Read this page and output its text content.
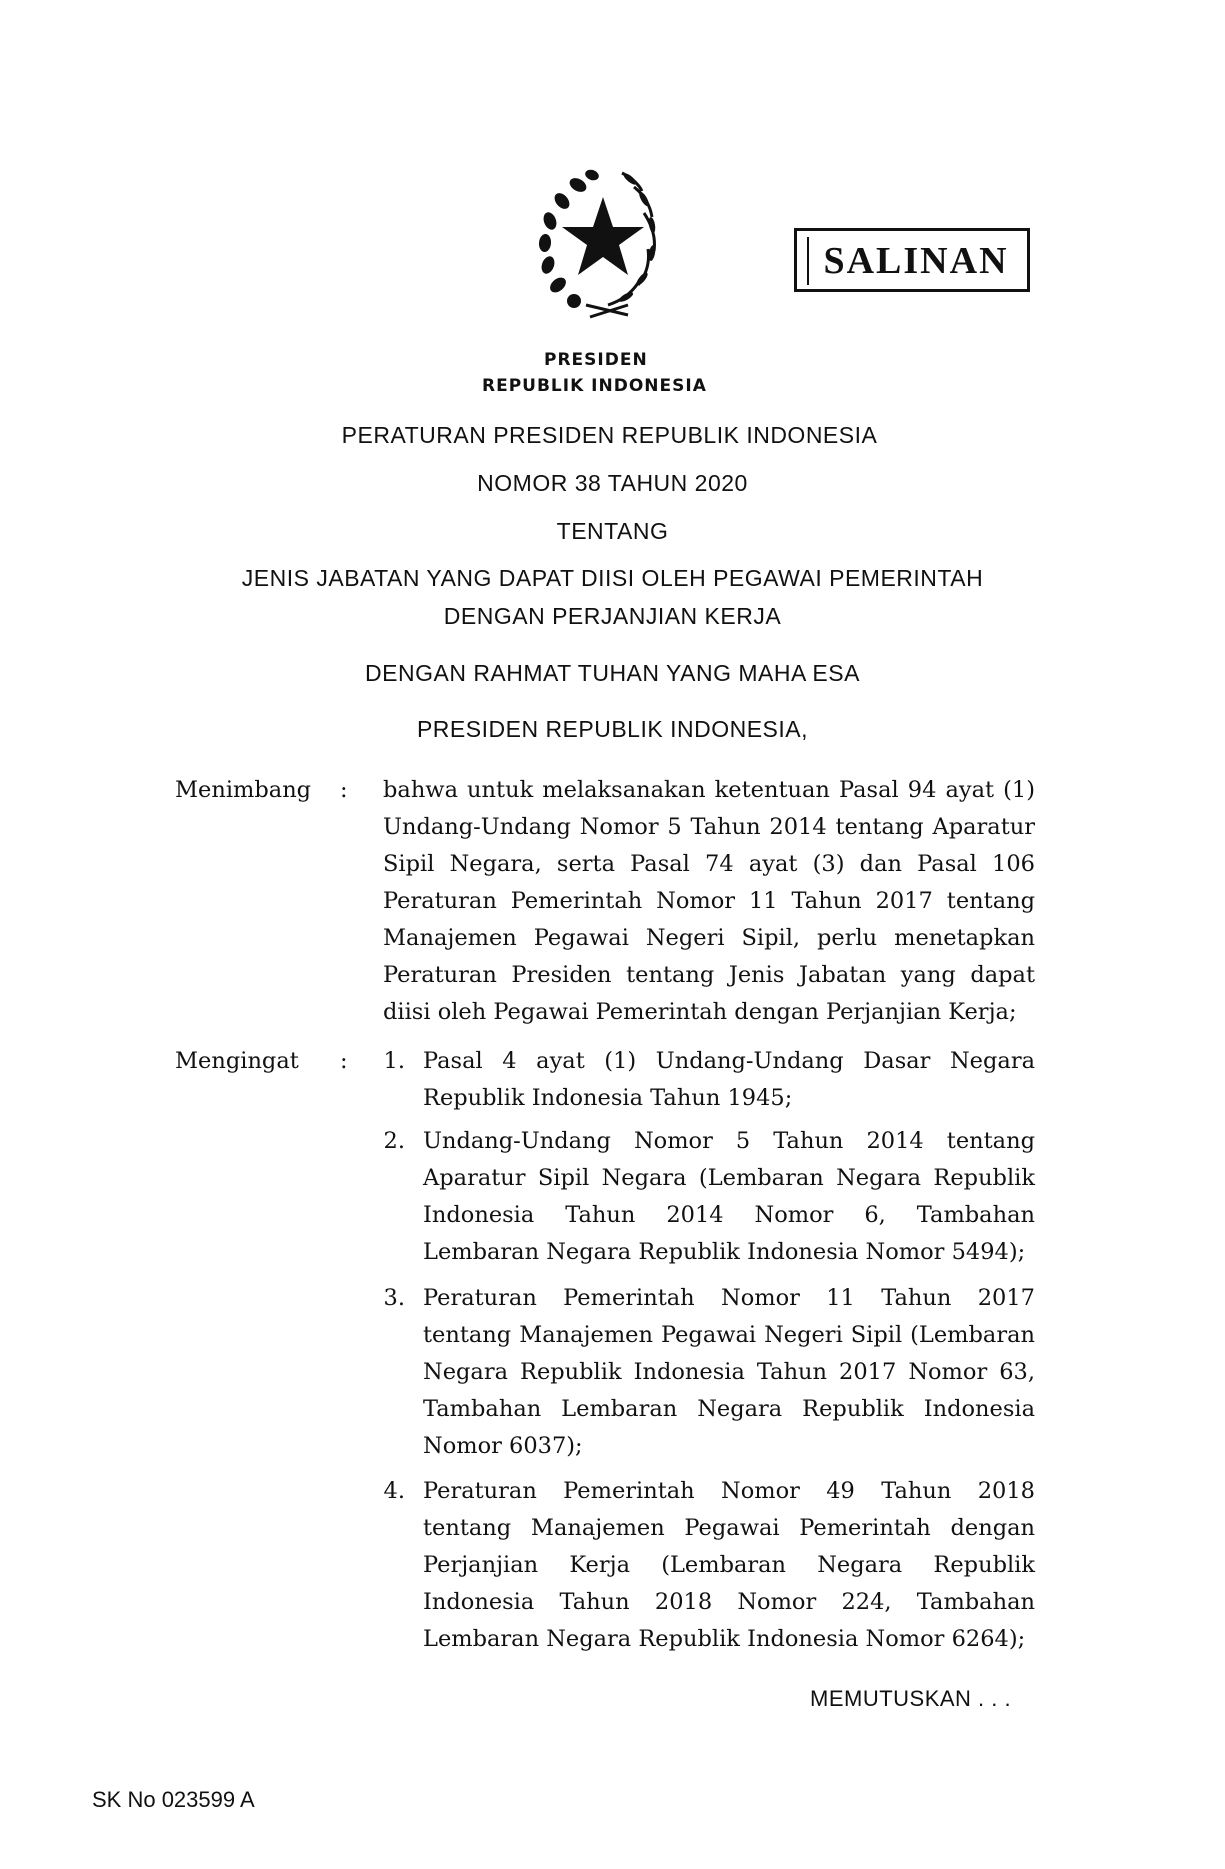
SALINAN
PRESIDEN
REPUBLIK INDONESIA
PERATURAN PRESIDEN REPUBLIK INDONESIA
NOMOR 38 TAHUN 2020
TENTANG
JENIS JABATAN YANG DAPAT DIISI OLEH PEGAWAI PEMERINTAH
DENGAN PERJANJIAN KERJA
DENGAN RAHMAT TUHAN YANG MAHA ESA
PRESIDEN REPUBLIK INDONESIA,
Menimbang : bahwa untuk melaksanakan ketentuan Pasal 94 ayat (1)
Undang-Undang Nomor 5 Tahun 2014 tentang Aparatur
Sipil Negara, serta Pasal 74 ayat (3) dan Pasal 106
Peraturan Pemerintah Nomor 11 Tahun 2017 tentang
Manajemen Pegawai Negeri Sipil, perlu menetapkan
Peraturan Presiden tentang Jenis Jabatan yang dapat
diisi oleh Pegawai Pemerintah dengan Perjanjian Kerja;
Mengingat :	1. Pasal 4 ayat (1) Undang-Undang Dasar Negara
Republik Indonesia Tahun 1945;
2. Undang-Undang Nomor 5 Tahun 2014 tentang
Aparatur Sipil Negara (Lembaran Negara Republik
Indonesia Tahun 2014 Nomor 6, Tambahan
Lembaran Negara Republik Indonesia Nomor 5494);
3. Peraturan Pemerintah Nomor 11 Tahun 2017
tentang Manajemen Pegawai Negeri Sipil (Lembaran
Negara Republik Indonesia Tahun 2017 Nomor 63,
Tambahan Lembaran Negara Republik Indonesia
Nomor 6037);
4. Peraturan Pemerintah Nomor 49 Tahun 2018
tentang Manajemen Pegawai Pemerintah dengan
Perjanjian Kerja (Lembaran Negara Republik
Indonesia Tahun 2018 Nomor 224, Tambahan
Lembaran Negara Republik Indonesia Nomor 6264);
MEMUTUSKAN . . .
SK No 023599 A
